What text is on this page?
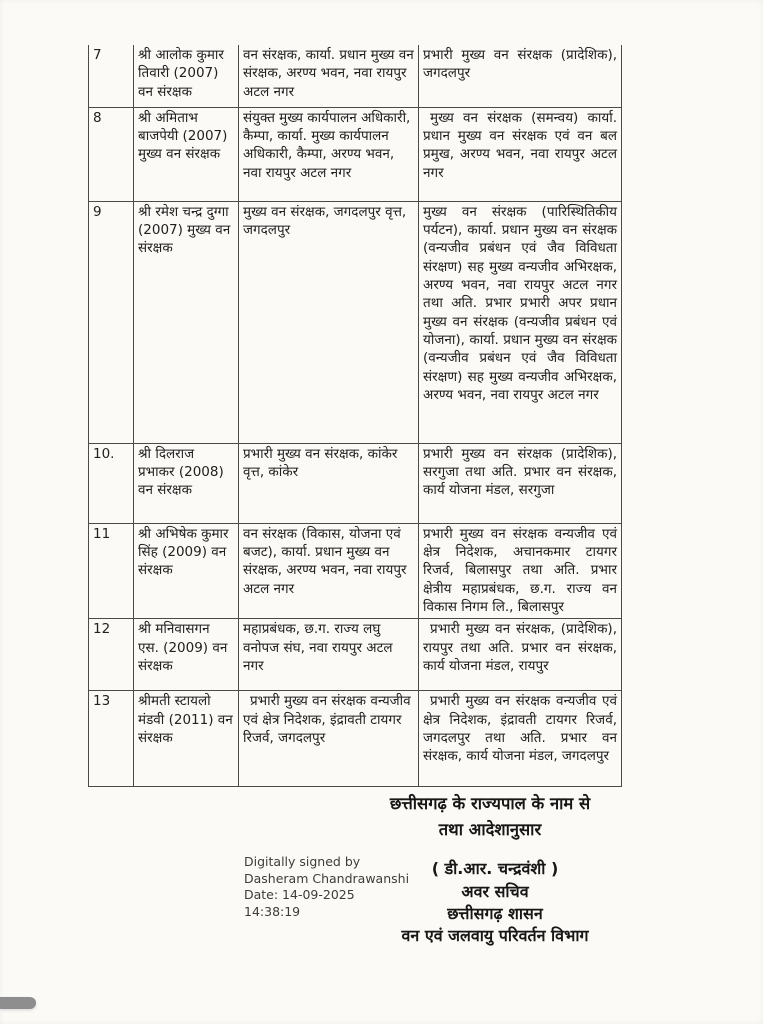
7	श्री आलोक कुमार तिवारी (2007) वन संरक्षक	वन संरक्षक, कार्या. प्रधान मुख्य वन संरक्षक, अरण्य भवन, नवा रायपुर अटल नगर	प्रभारी मुख्य वन संरक्षक (प्रादेशिक), जगदलपुर
8	श्री अमिताभ बाजपेयी (2007) मुख्य वन संरक्षक	संयुक्त मुख्य कार्यपालन अधिकारी, कैम्पा, कार्या. मुख्य कार्यपालन अधिकारी, कैम्पा, अरण्य भवन, नवा रायपुर अटल नगर	मुख्य वन संरक्षक (समन्वय) कार्या. प्रधान मुख्य वन संरक्षक एवं वन बल प्रमुख, अरण्य भवन, नवा रायपुर अटल नगर
9	श्री रमेश चन्द्र दुग्गा (2007) मुख्य वन संरक्षक	मुख्य वन संरक्षक, जगदलपुर वृत्त, जगदलपुर	मुख्य वन संरक्षक (पारिस्थितिकीय पर्यटन), कार्या. प्रधान मुख्य वन संरक्षक (वन्यजीव प्रबंधन एवं जैव विविधता संरक्षण) सह मुख्य वन्यजीव अभिरक्षक, अरण्य भवन, नवा रायपुर अटल नगर तथा अति. प्रभार प्रभारी अपर प्रधान मुख्य वन संरक्षक (वन्यजीव प्रबंधन एवं योजना), कार्या. प्रधान मुख्य वन संरक्षक (वन्यजीव प्रबंधन एवं जैव विविधता संरक्षण) सह मुख्य वन्यजीव अभिरक्षक, अरण्य भवन, नवा रायपुर अटल नगर
10.	श्री दिलराज प्रभाकर (2008) वन संरक्षक	प्रभारी मुख्य वन संरक्षक, कांकेर वृत्त, कांकेर	प्रभारी मुख्य वन संरक्षक (प्रादेशिक), सरगुजा तथा अति. प्रभार वन संरक्षक, कार्य योजना मंडल, सरगुजा
11	श्री अभिषेक कुमार सिंह (2009) वन संरक्षक	वन संरक्षक (विकास, योजना एवं बजट), कार्या. प्रधान मुख्य वन संरक्षक, अरण्य भवन, नवा रायपुर अटल नगर	प्रभारी मुख्य वन संरक्षक वन्यजीव एवं क्षेत्र निदेशक, अचानकमार टायगर रिजर्व, बिलासपुर तथा अति. प्रभार क्षेत्रीय महाप्रबंधक, छ.ग. राज्य वन विकास निगम लि., बिलासपुर
12	श्री मनिवासगन एस. (2009) वन संरक्षक	महाप्रबंधक, छ.ग. राज्य लघु वनोपज संघ, नवा रायपुर अटल नगर	प्रभारी मुख्य वन संरक्षक, (प्रादेशिक), रायपुर तथा अति. प्रभार वन संरक्षक, कार्य योजना मंडल, रायपुर
13	श्रीमती स्टायलो मंडवी (2011) वन संरक्षक	प्रभारी मुख्य वन संरक्षक वन्यजीव एवं क्षेत्र निदेशक, इंद्रावती टायगर रिजर्व, जगदलपुर	प्रभारी मुख्य वन संरक्षक वन्यजीव एवं क्षेत्र निदेशक, इंद्रावती टायगर रिजर्व, जगदलपुर तथा अति. प्रभार वन संरक्षक, कार्य योजना मंडल, जगदलपुर
छत्तीसगढ़ के राज्यपाल के नाम से
तथा आदेशानुसार
Digitally signed by
Dasheram Chandrawanshi
Date: 14-09-2025
14:38:19
( डी.आर. चन्द्रवंशी )
अवर सचिव
छत्तीसगढ़ शासन
वन एवं जलवायु परिवर्तन विभाग
